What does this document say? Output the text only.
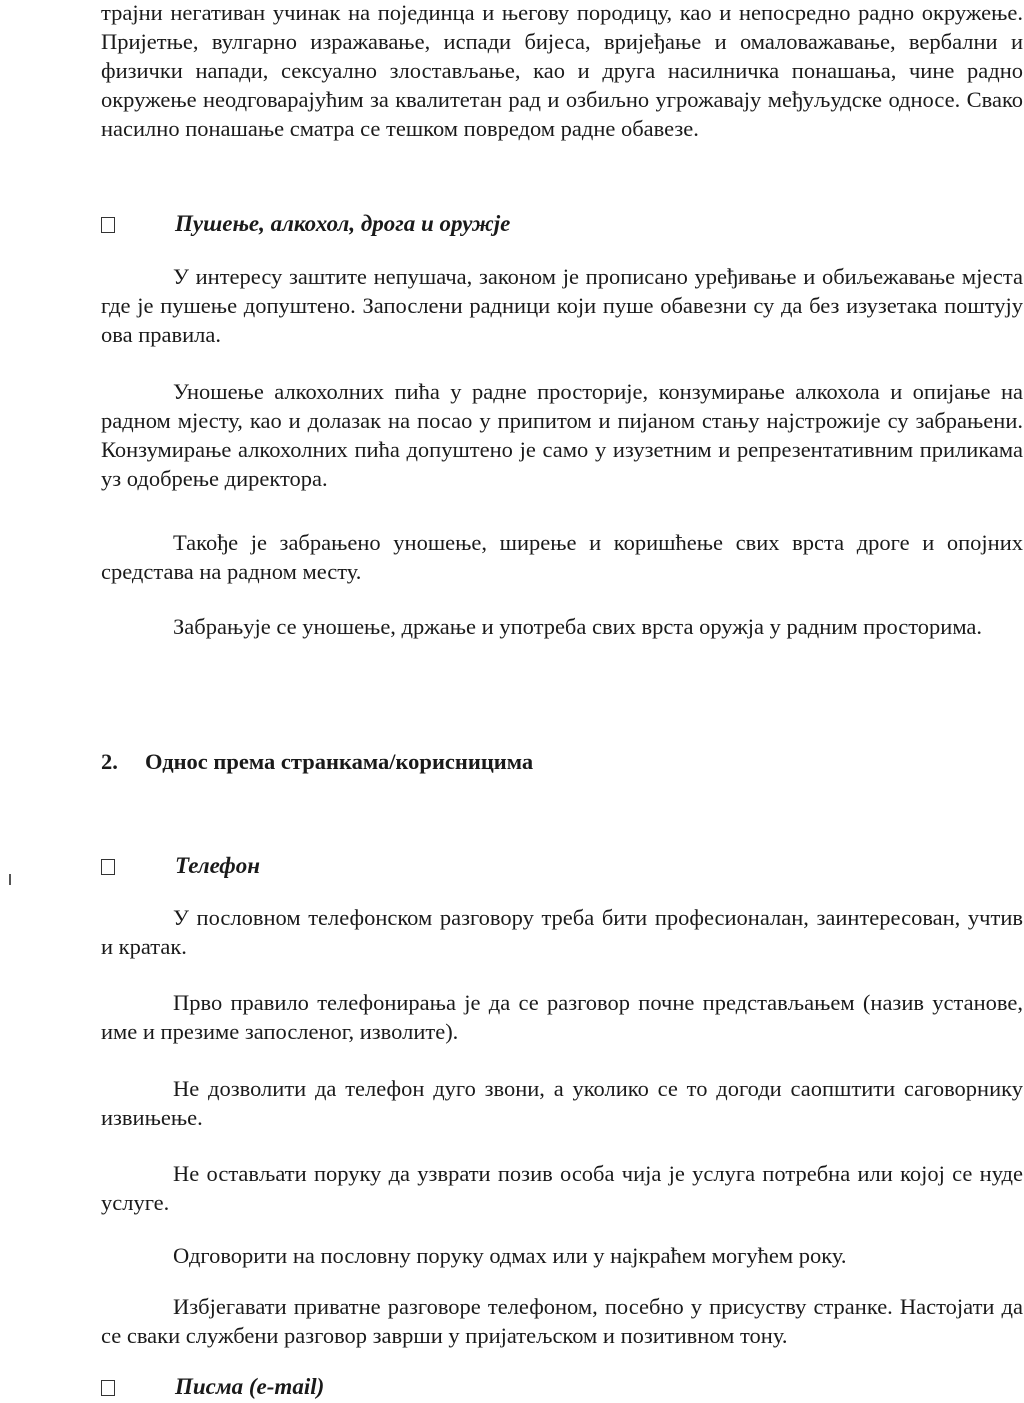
трајни негативан учинак на појединца и његову породицу, као и непосредно радно окружење. Пријетње, вулгарно изражавање, испади бијеса, вријеђање и омаловажавање, вербални и физички напади, сексуално злостављање, као и друга насилничка понашања, чине радно окружење неодговарајућим за квалитетан рад и озбиљно угрожавају међуљудске односе. Свако насилно понашање сматра се тешком повредом радне обавезе.

Пушење, алкохол, дрога и оружје

У интересу заштите непушача, законом је прописано уређивање и обиљежавање мјеста где је пушење допуштено. Запослени радници који пуше обавезни су да без изузетака поштују ова правила.

Уношење алкохолних пића у радне просторије, конзумирање алкохола и опијање на радном мјесту, као и долазак на посао у припитом и пијаном стању најстрожије су забрањени. Конзумирање алкохолних пића допуштено је само у изузетним и репрезентативним приликама уз одобрење директора.

Такође је забрањено уношење, ширење и коришћење свих врста дроге и опојних средстава на радном месту.

Забрањује се уношење, држање и употреба свих врста оружја у радним просторима.

2. Однос према странкама/корисницима
Телефон

У пословном телефонском разговору треба бити професионалан, заинтересован, учтив и кратак.

Прво правило телефонирања је да се разговор почне представљањем (назив установе, име и презиме запосленог, изволите).

Не дозволити да телефон дуго звони, а уколико се то догоди саопштити саговорнику извињење.

Не остављати поруку да узврати позив особа чија је услуга потребна или којој се нуде услуге.

Одговорити на пословну поруку одмах или у најкраћем могућем року.

Избјегавати приватне разговоре телефоном, посебно у присуству странке. Настојати да се сваки службени разговор заврши у пријатељском и позитивном тону.

Писма (e-mail)
